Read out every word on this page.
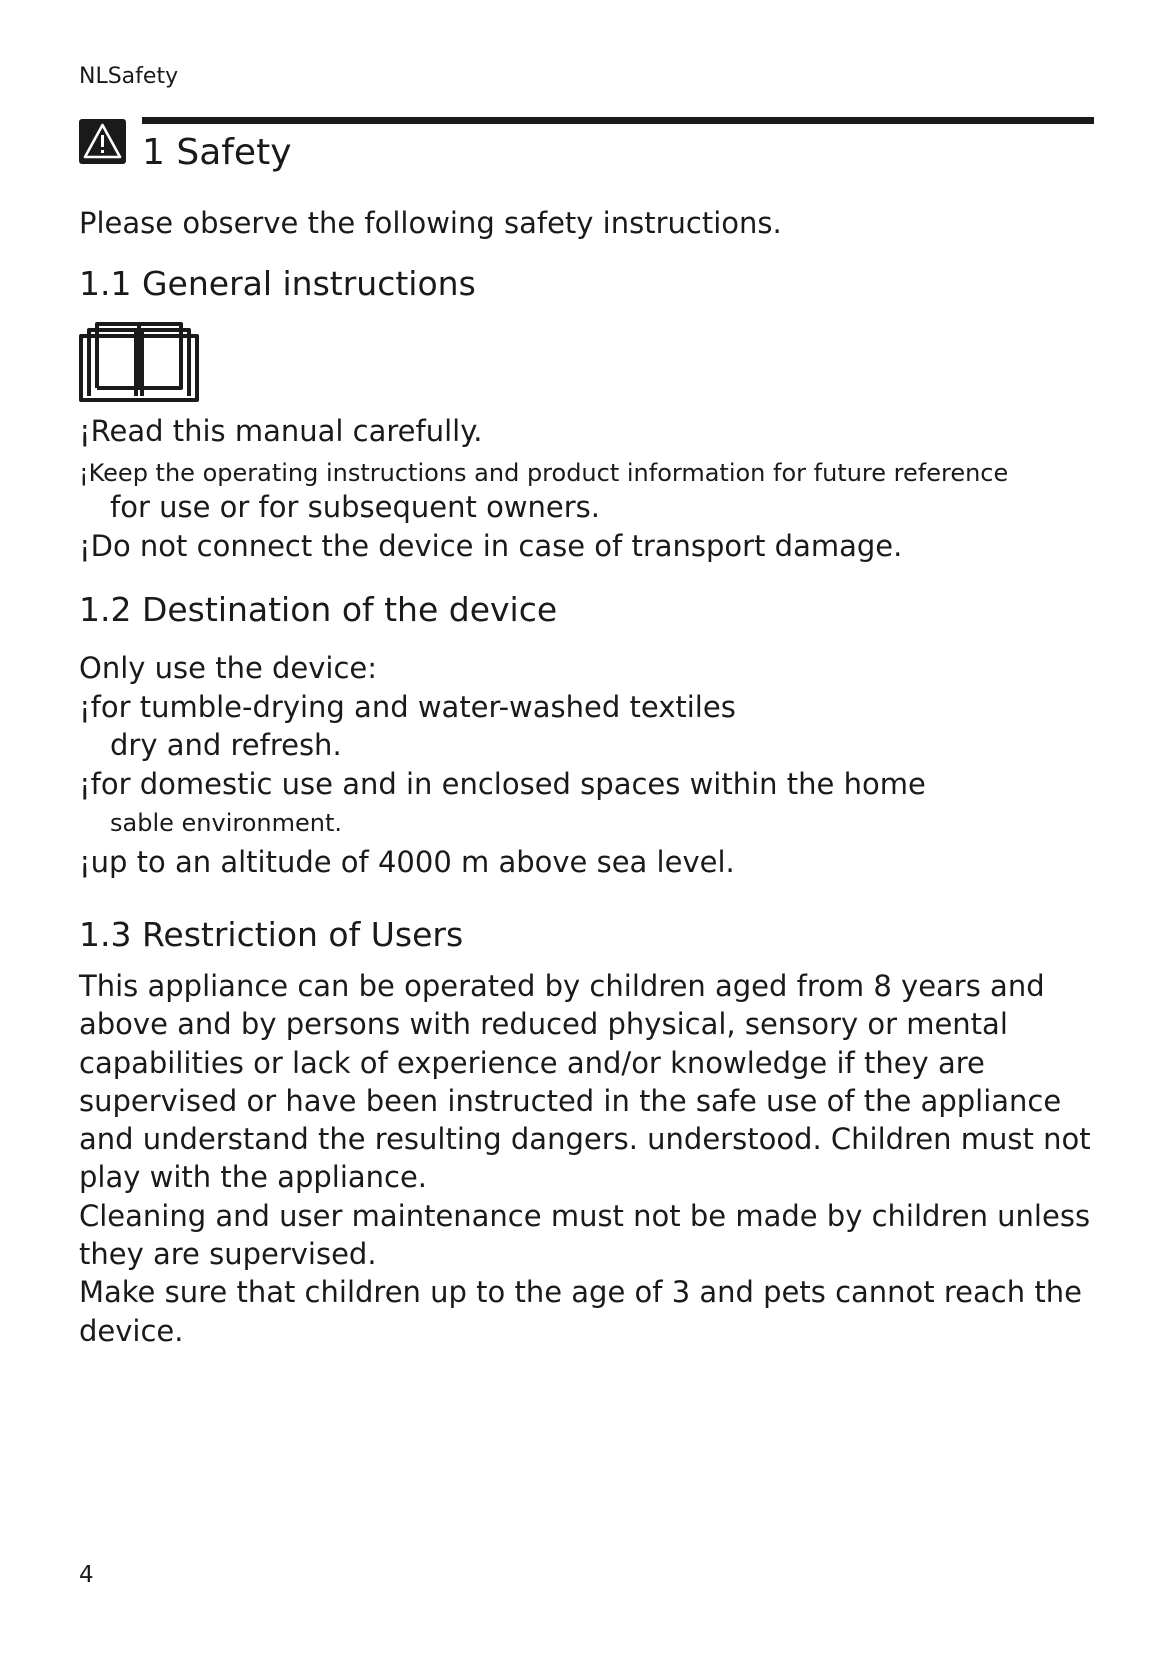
NLSafety
1 Safety
Please observe the following safety instructions.
1.1 General instructions
¡Read this manual carefully.
¡Keep the operating instructions and product information for future reference
for use or for subsequent owners.
¡Do not connect the device in case of transport damage.
1.2 Destination of the device
Only use the device:
¡for tumble-drying and water-washed textiles
dry and refresh.
¡for domestic use and in enclosed spaces within the home
sable environment.
¡up to an altitude of 4000 m above sea level.
1.3 Restriction of Users

This appliance can be operated by children aged from 8 years and above and by persons with reduced physical, sensory or mental capabilities or lack of experience and/or knowledge if they are supervised or have been instructed in the safe use of the appliance and understand the resulting dangers. understood. Children must not play with the appliance.

Cleaning and user maintenance must not be made by children unless they are supervised.

Make sure that children up to the age of 3 and pets cannot reach the device.

4
